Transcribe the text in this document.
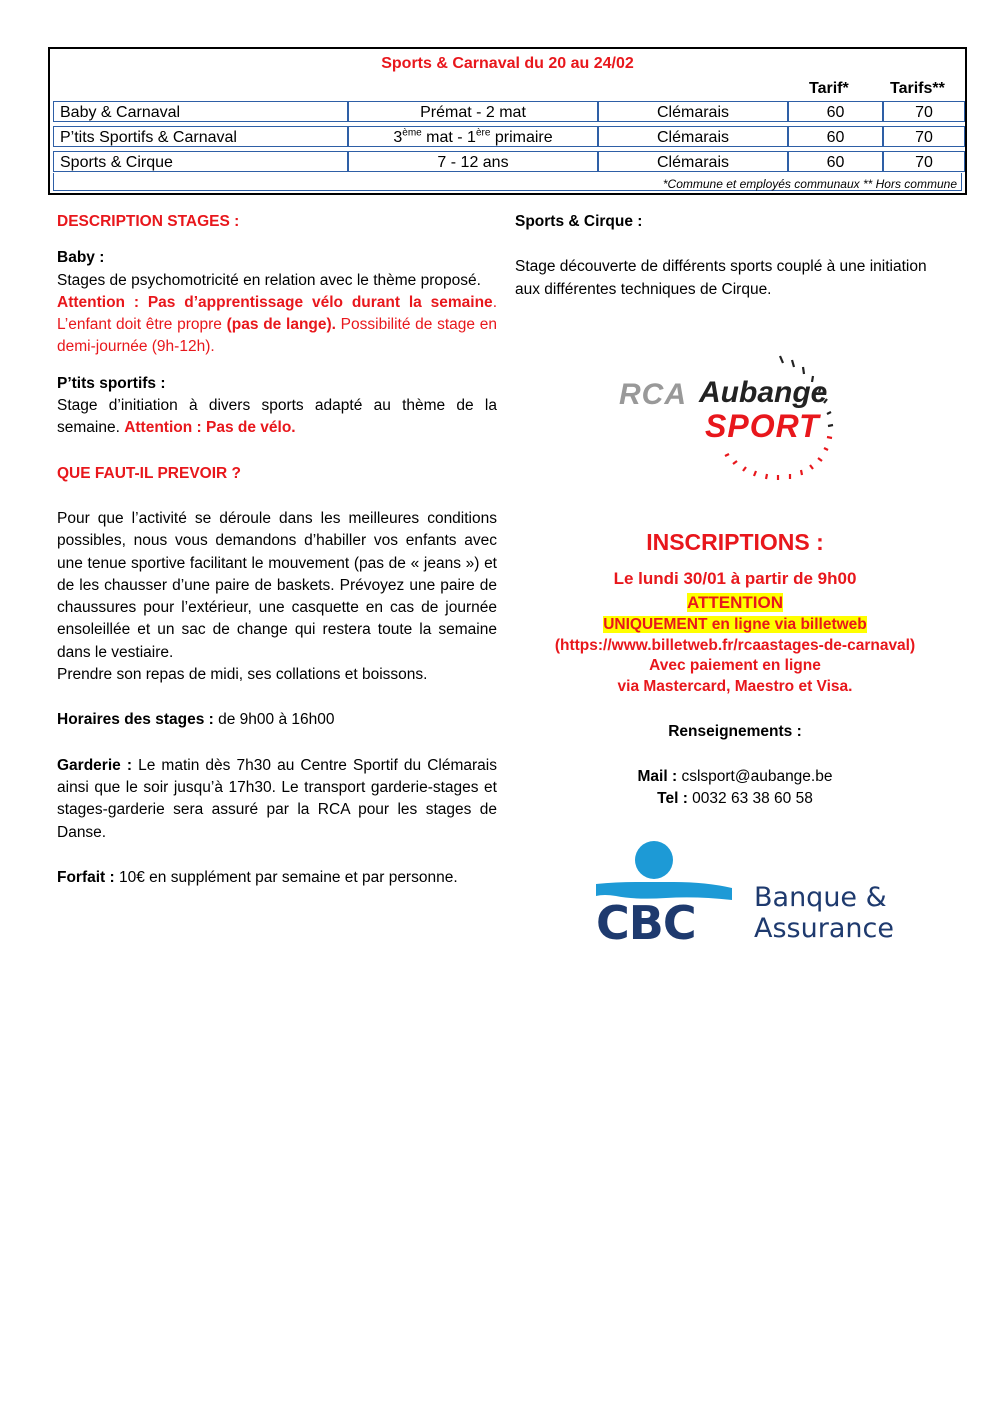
Sports & Carnaval du 20 au 24/02
Tarif*	Tarifs**
Baby & Carnaval	Prémat - 2 mat	Clémarais	60	70
P’tits Sportifs & Carnaval	3ème mat - 1ère primaire	Clémarais	60	70
Sports & Cirque	7 - 12 ans	Clémarais	60	70
*Commune et employés communaux ** Hors commune

DESCRIPTION STAGES :

Baby :

Stages de psychomotricité en relation avec le thème proposé.

Attention : Pas d’apprentissage vélo durant la semaine. L’enfant doit être propre (pas de lange). Possibilité de stage en demi-journée (9h-12h).

P’tits sportifs :

Stage d’initiation à divers sports adapté au thème de la semaine. Attention : Pas de vélo.

QUE FAUT-IL PREVOIR ?

Pour que l’activité se déroule dans les meilleures conditions possibles, nous vous demandons d’habiller vos enfants avec une tenue sportive facilitant le mouvement (pas de « jeans ») et de les chausser d’une paire de baskets. Prévoyez une paire de chaussures pour l’extérieur, une casquette en cas de journée ensoleillée et un sac de change qui restera toute la semaine dans le vestiaire.

Prendre son repas de midi, ses collations et boissons.

Horaires des stages : de 9h00 à 16h00

Garderie : Le matin dès 7h30 au Centre Sportif du Clémarais ainsi que le soir jusqu’à 17h30. Le transport garderie-stages et stages-garderie sera assuré par la RCA pour les stages de Danse.

Forfait : 10€ en supplément par semaine et par personne.

Sports & Cirque :

Stage découverte de différents sports couplé à une initiation aux différentes techniques de Cirque.

RCA Aubange
SPORT

INSCRIPTIONS :

Le lundi 30/01 à partir de 9h00

ATTENTION

UNIQUEMENT en ligne via billetweb

(https://www.billetweb.fr/rcaastages-de-carnaval)

Avec paiement en ligne

via Mastercard, Maestro et Visa.

Renseignements :

Mail : cslsport@aubange.be

Tel : 0032 63 38 60 58

CBC Banque &
Assurance
